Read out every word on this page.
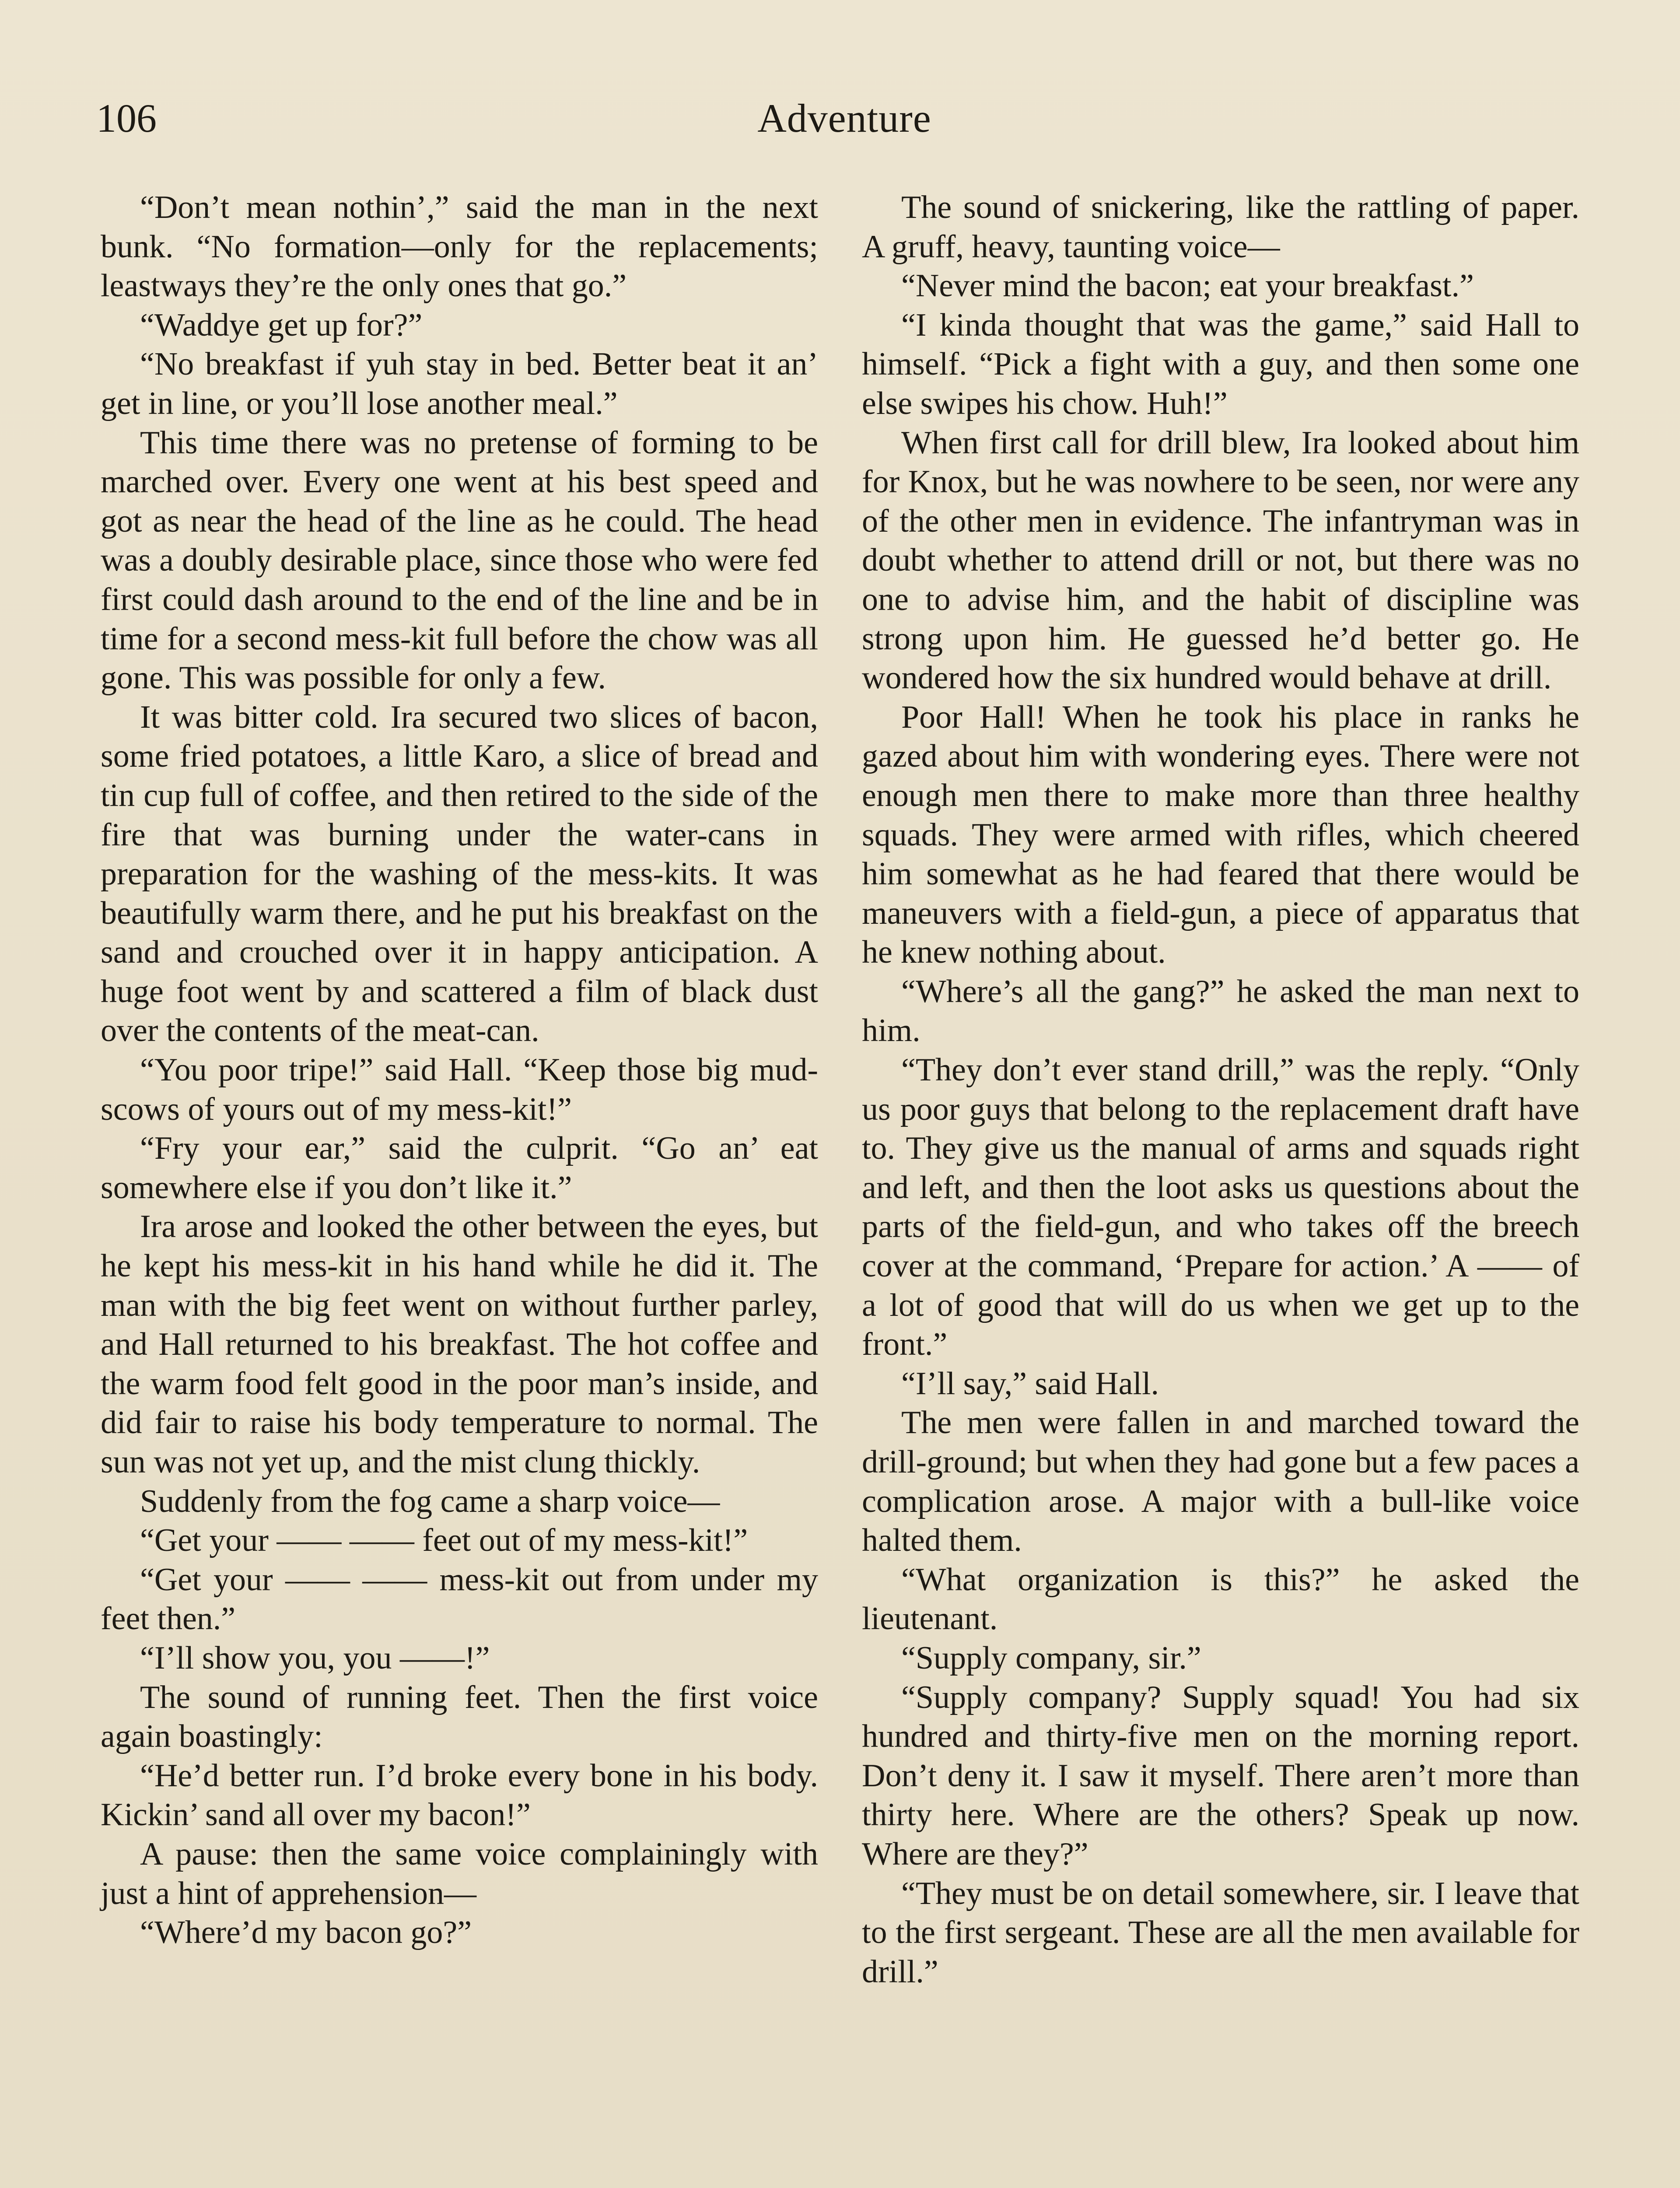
106	Adventure

“Don’t mean nothin’,” said the man in the next bunk. “No formation—only for the replacements; leastways they’re the only ones that go.”

“Waddye get up for?”

“No breakfast if yuh stay in bed. Better beat it an’ get in line, or you’ll lose another meal.”

This time there was no pretense of forming to be marched over. Every one went at his best speed and got as near the head of the line as he could. The head was a doubly desirable place, since those who were fed first could dash around to the end of the line and be in time for a second mess-kit full before the chow was all gone. This was possible for only a few.

It was bitter cold. Ira secured two slices of bacon, some fried potatoes, a little Karo, a slice of bread and tin cup full of coffee, and then retired to the side of the fire that was burning under the water-cans in preparation for the washing of the mess-kits. It was beautifully warm there, and he put his breakfast on the sand and crouched over it in happy anticipation. A huge foot went by and scattered a film of black dust over the contents of the meat-can.

“You poor tripe!” said Hall. “Keep those big mud-scows of yours out of my mess-kit!”

“Fry your ear,” said the culprit. “Go an’ eat somewhere else if you don’t like it.”

Ira arose and looked the other between the eyes, but he kept his mess-kit in his hand while he did it. The man with the big feet went on without further parley, and Hall returned to his breakfast. The hot coffee and the warm food felt good in the poor man’s inside, and did fair to raise his body temperature to normal. The sun was not yet up, and the mist clung thickly.

Suddenly from the fog came a sharp voice—

“Get your —— —— feet out of my mess-kit!”

“Get your —— —— mess-kit out from under my feet then.”

“I’ll show you, you ——!”

The sound of running feet. Then the first voice again boastingly:

“He’d better run. I’d broke every bone in his body. Kickin’ sand all over my bacon!”

A pause: then the same voice complainingly with just a hint of apprehension—

“Where’d my bacon go?”

The sound of snickering, like the rattling of paper. A gruff, heavy, taunting voice—

“Never mind the bacon; eat your breakfast.”

“I kinda thought that was the game,” said Hall to himself. “Pick a fight with a guy, and then some one else swipes his chow. Huh!”

When first call for drill blew, Ira looked about him for Knox, but he was nowhere to be seen, nor were any of the other men in evidence. The infantryman was in doubt whether to attend drill or not, but there was no one to advise him, and the habit of discipline was strong upon him. He guessed he’d better go. He wondered how the six hundred would behave at drill.

Poor Hall! When he took his place in ranks he gazed about him with wondering eyes. There were not enough men there to make more than three healthy squads. They were armed with rifles, which cheered him somewhat as he had feared that there would be maneuvers with a field-gun, a piece of apparatus that he knew nothing about.

“Where’s all the gang?” he asked the man next to him.

“They don’t ever stand drill,” was the reply. “Only us poor guys that belong to the replacement draft have to. They give us the manual of arms and squads right and left, and then the loot asks us questions about the parts of the field-gun, and who takes off the breech cover at the command, ‘Prepare for action.’ A —— of a lot of good that will do us when we get up to the front.”

“I’ll say,” said Hall.

The men were fallen in and marched toward the drill-ground; but when they had gone but a few paces a complication arose. A major with a bull-like voice halted them.

“What organization is this?” he asked the lieutenant.

“Supply company, sir.”

“Supply company? Supply squad! You had six hundred and thirty-five men on the morning report. Don’t deny it. I saw it myself. There aren’t more than thirty here. Where are the others? Speak up now. Where are they?”

“They must be on detail somewhere, sir. I leave that to the first sergeant. These are all the men available for drill.”
